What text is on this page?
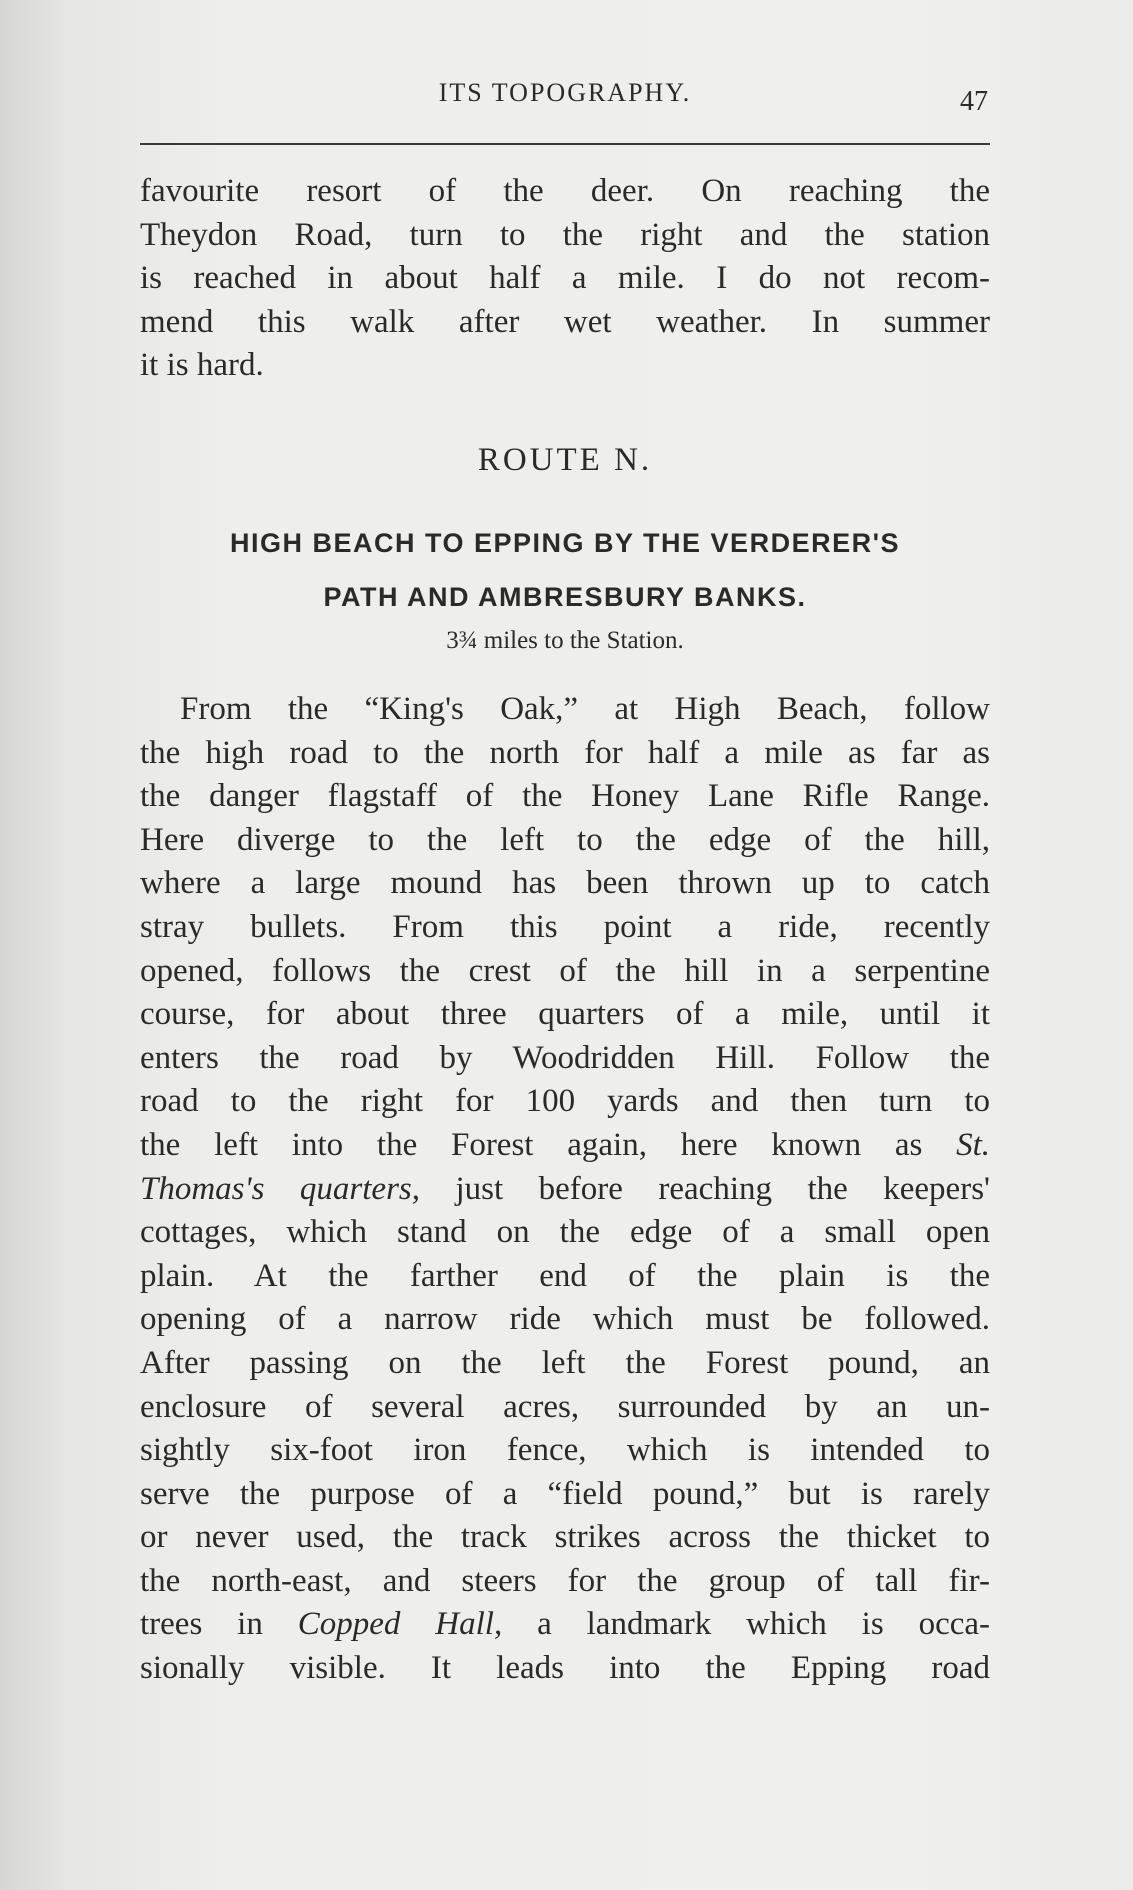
ITS TOPOGRAPHY.	47

favourite resort of the deer. On reaching the
Theydon Road, turn to the right and the station
is reached in about half a mile. I do not recom-
mend this walk after wet weather. In summer
it is hard.

ROUTE N.
HIGH BEACH TO EPPING BY THE VERDERER'S
PATH AND AMBRESBURY BANKS.
3¾ miles to the Station.

From the “King's Oak,” at High Beach, follow
the high road to the north for half a mile as far as
the danger flagstaff of the Honey Lane Rifle Range.
Here diverge to the left to the edge of the hill,
where a large mound has been thrown up to catch
stray bullets. From this point a ride, recently
opened, follows the crest of the hill in a serpentine
course, for about three quarters of a mile, until it
enters the road by Woodridden Hill. Follow the
road to the right for 100 yards and then turn to
the left into the Forest again, here known as St.
Thomas's quarters, just before reaching the keepers'
cottages, which stand on the edge of a small open
plain. At the farther end of the plain is the
opening of a narrow ride which must be followed.
After passing on the left the Forest pound, an
enclosure of several acres, surrounded by an un-
sightly six-foot iron fence, which is intended to
serve the purpose of a “field pound,” but is rarely
or never used, the track strikes across the thicket to
the north-east, and steers for the group of tall fir-
trees in Copped Hall, a landmark which is occa-
sionally visible. It leads into the Epping road
